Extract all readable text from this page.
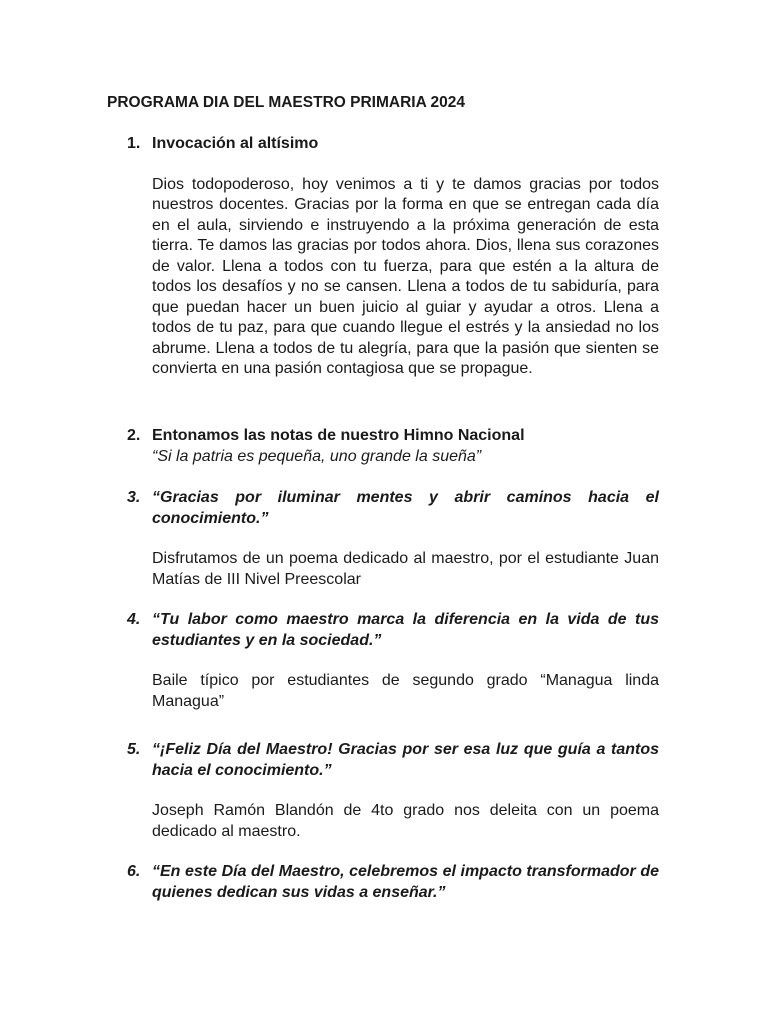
PROGRAMA DIA DEL MAESTRO PRIMARIA 2024
1. Invocación al altísimo

Dios todopoderoso, hoy venimos a ti y te damos gracias por todos nuestros docentes. Gracias por la forma en que se entregan cada día en el aula, sirviendo e instruyendo a la próxima generación de esta tierra. Te damos las gracias por todos ahora. Dios, llena sus corazones de valor. Llena a todos con tu fuerza, para que estén a la altura de todos los desafíos y no se cansen. Llena a todos de tu sabiduría, para que puedan hacer un buen juicio al guiar y ayudar a otros. Llena a todos de tu paz, para que cuando llegue el estrés y la ansiedad no los abrume. Llena a todos de tu alegría, para que la pasión que sienten se convierta en una pasión contagiosa que se propague.

2. Entonamos las notas de nuestro Himno Nacional

“Si la patria es pequeña, uno grande la sueña”

3. “Gracias por iluminar mentes y abrir caminos hacia el conocimiento.”

Disfrutamos de un poema dedicado al maestro, por el estudiante Juan Matías de III Nivel Preescolar

4. “Tu labor como maestro marca la diferencia en la vida de tus estudiantes y en la sociedad.”

Baile típico por estudiantes de segundo grado “Managua linda Managua”

5. “¡Feliz Día del Maestro! Gracias por ser esa luz que guía a tantos hacia el conocimiento.”

Joseph Ramón Blandón de 4to grado nos deleita con un poema dedicado al maestro.

6. “En este Día del Maestro, celebremos el impacto transformador de quienes dedican sus vidas a enseñar.”
